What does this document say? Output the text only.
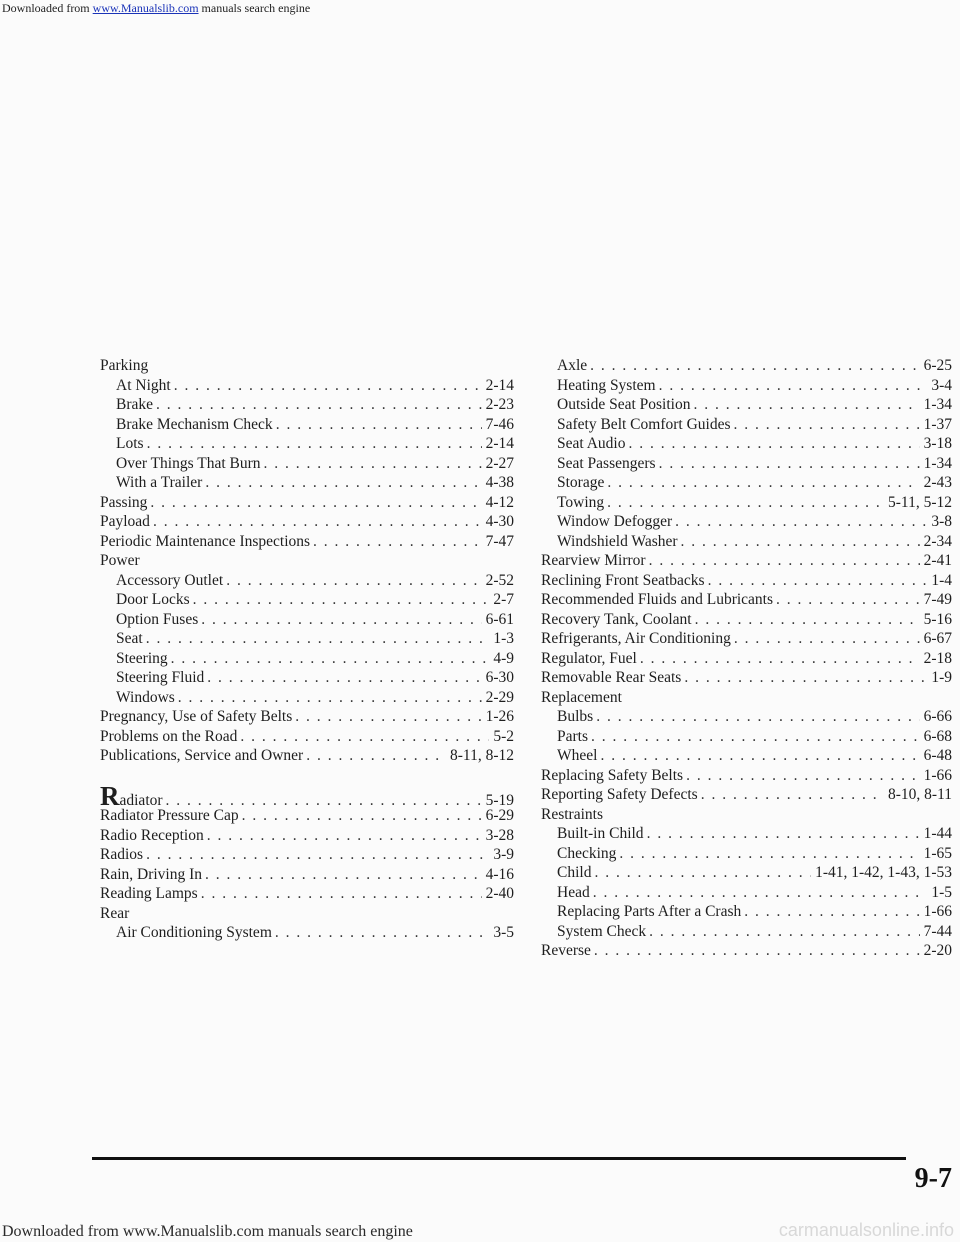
Downloaded from www.Manualslib.com manuals search engine
Parking
At Night . . .	2-14
Brake . . .	2-23
Brake Mechanism Check . . .	7-46
Lots . . .	2-14
Over Things That Burn . . .	2-27
With a Trailer . . .	4-38
Passing . . .	4-12
Payload . . .	4-30
Periodic Maintenance Inspections . . .	7-47
Power
Accessory Outlet . . .	2-52
Door Locks . . .	2-7
Option Fuses . . .	6-61
Seat . . .	1-3
Steering . . .	4-9
Steering Fluid . . .	6-30
Windows . . .	2-29
Pregnancy, Use of Safety Belts . . .	1-26
Problems on the Road . . .	5-2
Publications, Service and Owner . . .	8-11, 8-12
Radiator . . .	5-19
Radiator Pressure Cap . . .	6-29
Radio Reception . . .	3-28
Radios . . .	3-9
Rain, Driving In . . .	4-16
Reading Lamps . . .	2-40
Rear
Air Conditioning System . . .	3-5
Axle . . .	6-25
Heating System . . .	3-4
Outside Seat Position . . .	1-34
Safety Belt Comfort Guides . . .	1-37
Seat Audio . . .	3-18
Seat Passengers . . .	1-34
Storage . . .	2-43
Towing . . .	5-11, 5-12
Window Defogger . . .	3-8
Windshield Washer . . .	2-34
Rearview Mirror . . .	2-41
Reclining Front Seatbacks . . .	1-4
Recommended Fluids and Lubricants . . .	7-49
Recovery Tank, Coolant . . .	5-16
Refrigerants, Air Conditioning . . .	6-67
Regulator, Fuel . . .	2-18
Removable Rear Seats . . .	1-9
Replacement
Bulbs . . .	6-66
Parts . . .	6-68
Wheel . . .	6-48
Replacing Safety Belts . . .	1-66
Reporting Safety Defects . . .	8-10, 8-11
Restraints
Built-in Child . . .	1-44
Checking . . .	1-65
Child . . .	1-41, 1-42, 1-43, 1-53
Head . . .	1-5
Replacing Parts After a Crash . . .	1-66
System Check . . .	7-44
Reverse . . .	2-20
9-7
Downloaded from www.Manualslib.com manuals search engine	carmanualsonline.info
